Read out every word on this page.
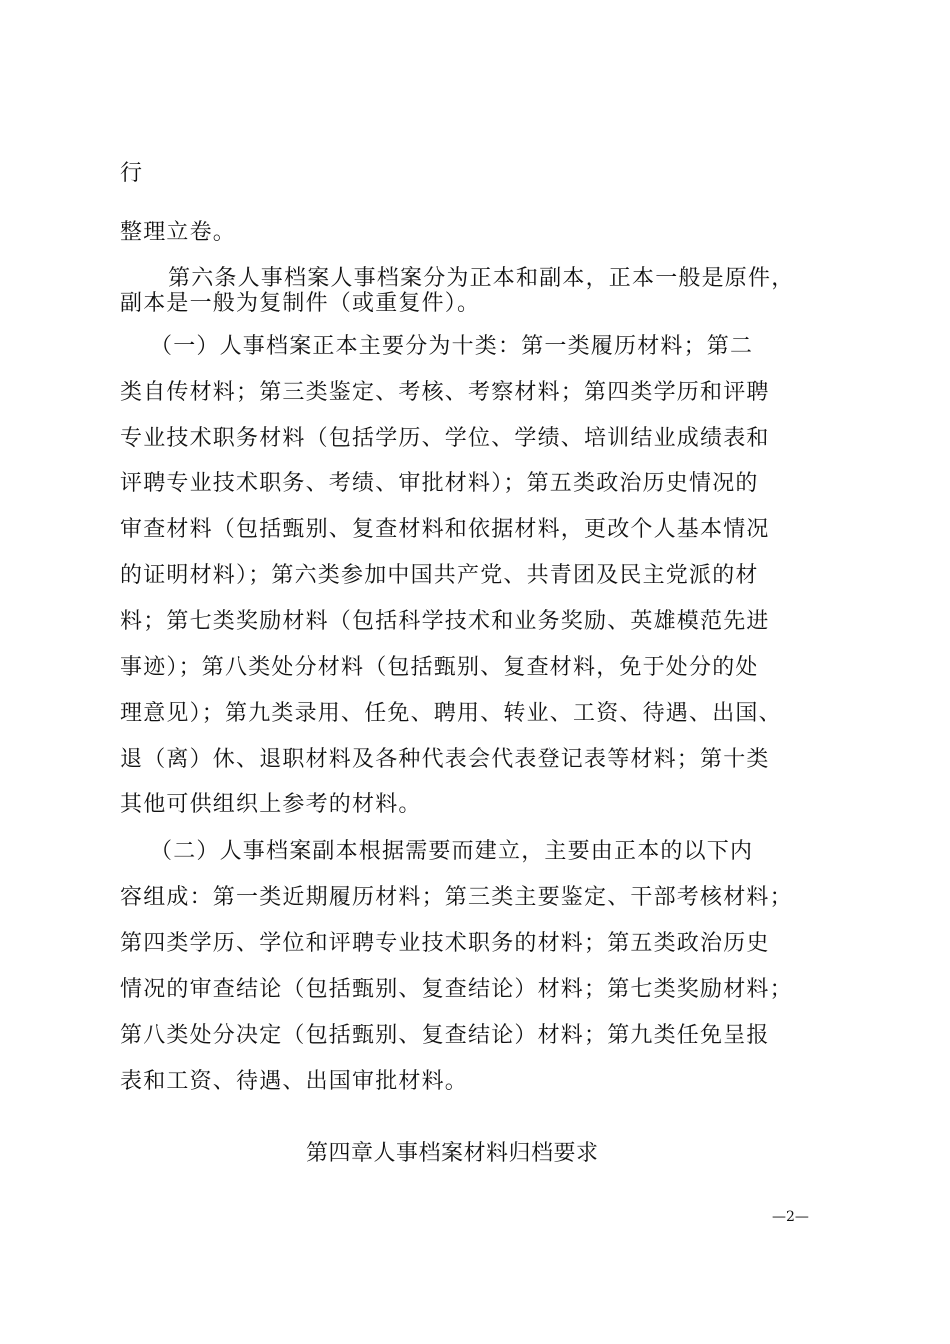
行
整理立卷。
第六条人事档案人事档案分为正本和副本，正本一般是原件，
副本是一般为复制件（或重复件）。
（一）人事档案正本主要分为十类：第一类履历材料；第二
类自传材料；第三类鉴定、考核、考察材料；第四类学历和评聘
专业技术职务材料（包括学历、学位、学绩、培训结业成绩表和
评聘专业技术职务、考绩、审批材料）；第五类政治历史情况的
审查材料（包括甄别、复查材料和依据材料，更改个人基本情况
的证明材料）；第六类参加中国共产党、共青团及民主党派的材
料；第七类奖励材料（包括科学技术和业务奖励、英雄模范先进
事迹）；第八类处分材料（包括甄别、复查材料，免于处分的处
理意见）；第九类录用、任免、聘用、转业、工资、待遇、出国、
退（离）休、退职材料及各种代表会代表登记表等材料；第十类
其他可供组织上参考的材料。
（二）人事档案副本根据需要而建立，主要由正本的以下内
容组成：第一类近期履历材料；第三类主要鉴定、干部考核材料；
第四类学历、学位和评聘专业技术职务的材料；第五类政治历史
情况的审查结论（包括甄别、复查结论）材料；第七类奖励材料；
第八类处分决定（包括甄别、复查结论）材料；第九类任免呈报
表和工资、待遇、出国审批材料。
第四章人事档案材料归档要求
—2—
